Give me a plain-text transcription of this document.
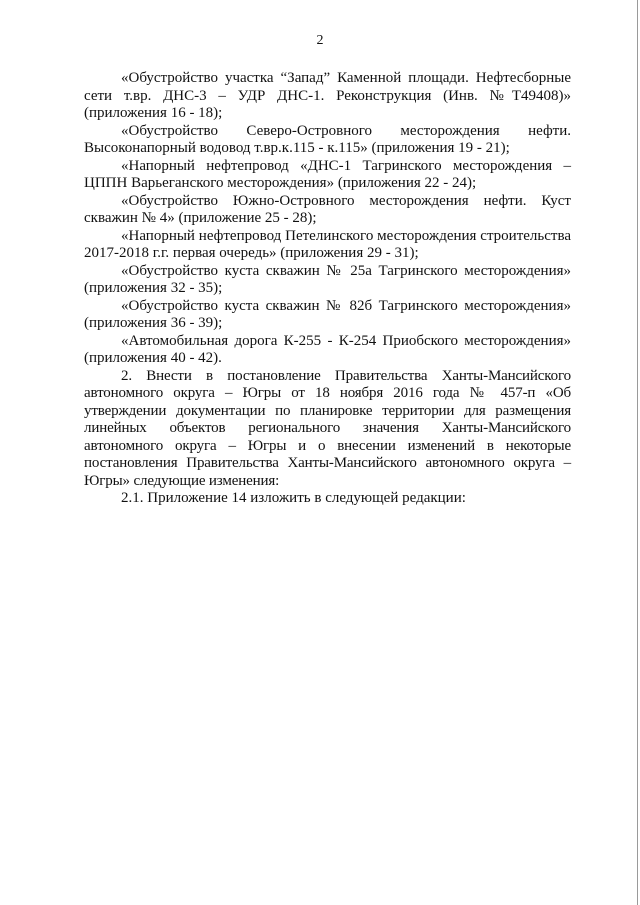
2

«Обустройство участка “Запад” Каменной площади. Нефтесборные сети т.вр. ДНС-3 – УДР ДНС-1. Реконструкция (Инв. №Т49408)» (приложения 16 - 18);

«Обустройство Северо-Островного месторождения нефти. Высоконапорный водовод т.вр.к.115 - к.115» (приложения 19 - 21);

«Напорный нефтепровод «ДНС-1 Тагринского месторождения – ЦППН Варьеганского месторождения» (приложения 22 - 24);

«Обустройство Южно-Островного месторождения нефти. Куст скважин № 4» (приложение 25 - 28);

«Напорный нефтепровод Петелинского месторождения строительства 2017-2018 г.г. первая очередь» (приложения 29 - 31);

«Обустройство куста скважин № 25а Тагринского месторождения» (приложения 32 - 35);

«Обустройство куста скважин № 82б Тагринского месторождения» (приложения 36 - 39);

«Автомобильная дорога К-255 - К-254 Приобского месторождения» (приложения 40 - 42).

2. Внести в постановление Правительства Ханты-Мансийского автономного округа – Югры от 18 ноября 2016 года № 457-п «Об утверждении документации по планировке территории для размещения линейных объектов регионального значения Ханты-Мансийского автономного округа – Югры и о внесении изменений в некоторые постановления Правительства Ханты-Мансийского автономного округа – Югры» следующие изменения:

2.1. Приложение 14 изложить в следующей редакции:
